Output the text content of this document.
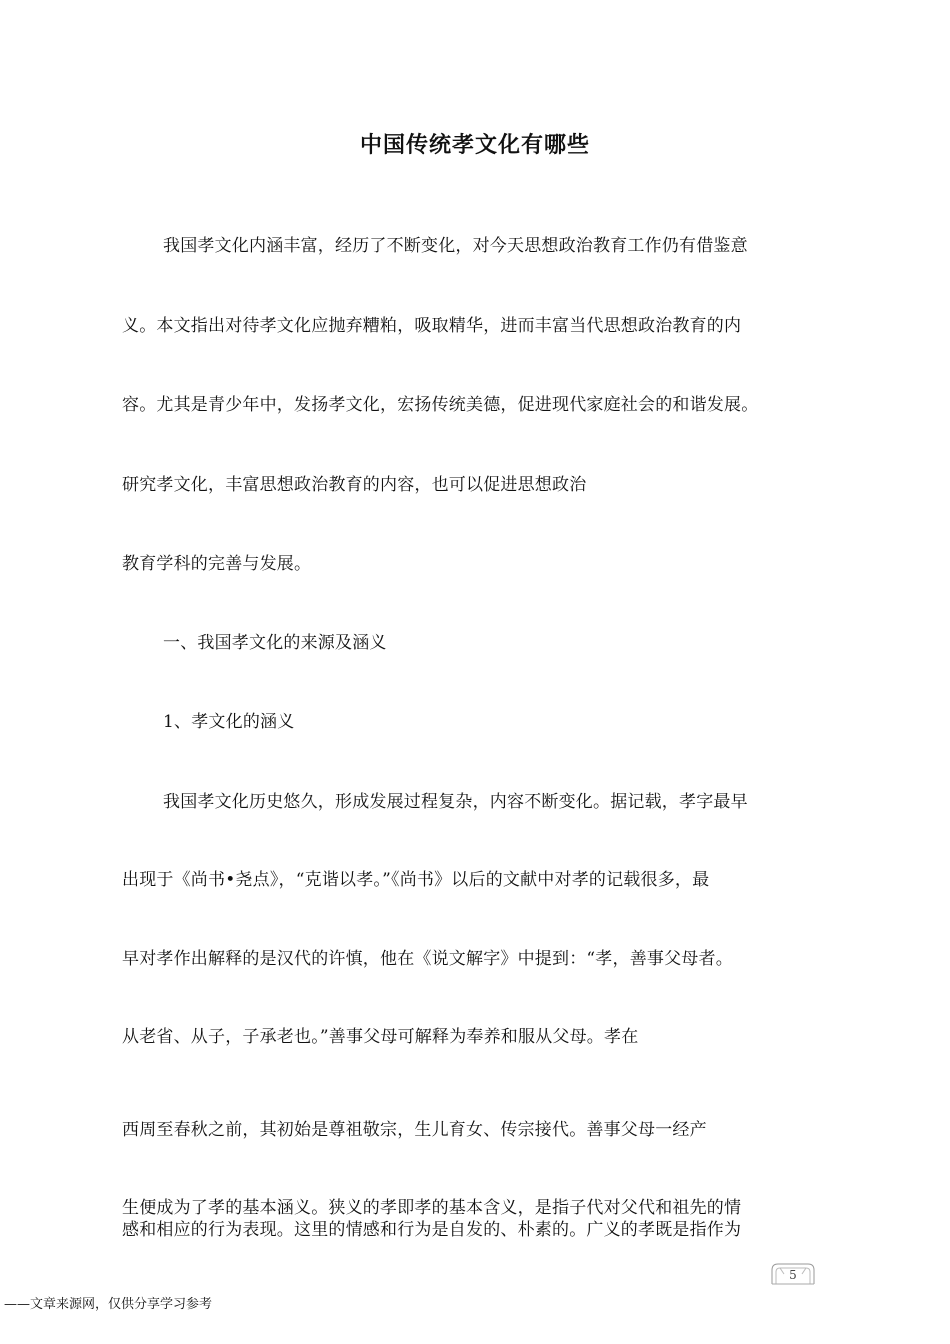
中国传统孝文化有哪些
我国孝文化内涵丰富，经历了不断变化，对今天思想政治教育工作仍有借鉴意
义。本文指出对待孝文化应抛弃糟粕，吸取精华，进而丰富当代思想政治教育的内
容。尤其是青少年中，发扬孝文化，宏扬传统美德，促进现代家庭社会的和谐发展。
研究孝文化，丰富思想政治教育的内容，也可以促进思想政治
教育学科的完善与发展。
一、我国孝文化的来源及涵义
1、孝文化的涵义
我国孝文化历史悠久，形成发展过程复杂，内容不断变化。据记载，孝字最早
出现于《尚书•尧点》，“克谐以孝。”《尚书》以后的文献中对孝的记载很多，最
早对孝作出解释的是汉代的许慎，他在《说文解字》中提到：“孝，善事父母者。
从老省、从子，子承老也。”善事父母可解释为奉养和服从父母。孝在
西周至春秋之前，其初始是尊祖敬宗，生儿育女、传宗接代。善事父母一经产
生便成为了孝的基本涵义。狭义的孝即孝的基本含义，是指子代对父代和祖先的情
感和相应的行为表现。这里的情感和行为是自发的、朴素的。广义的孝既是指作为
5
——文章来源网，仅供分享学习参考
